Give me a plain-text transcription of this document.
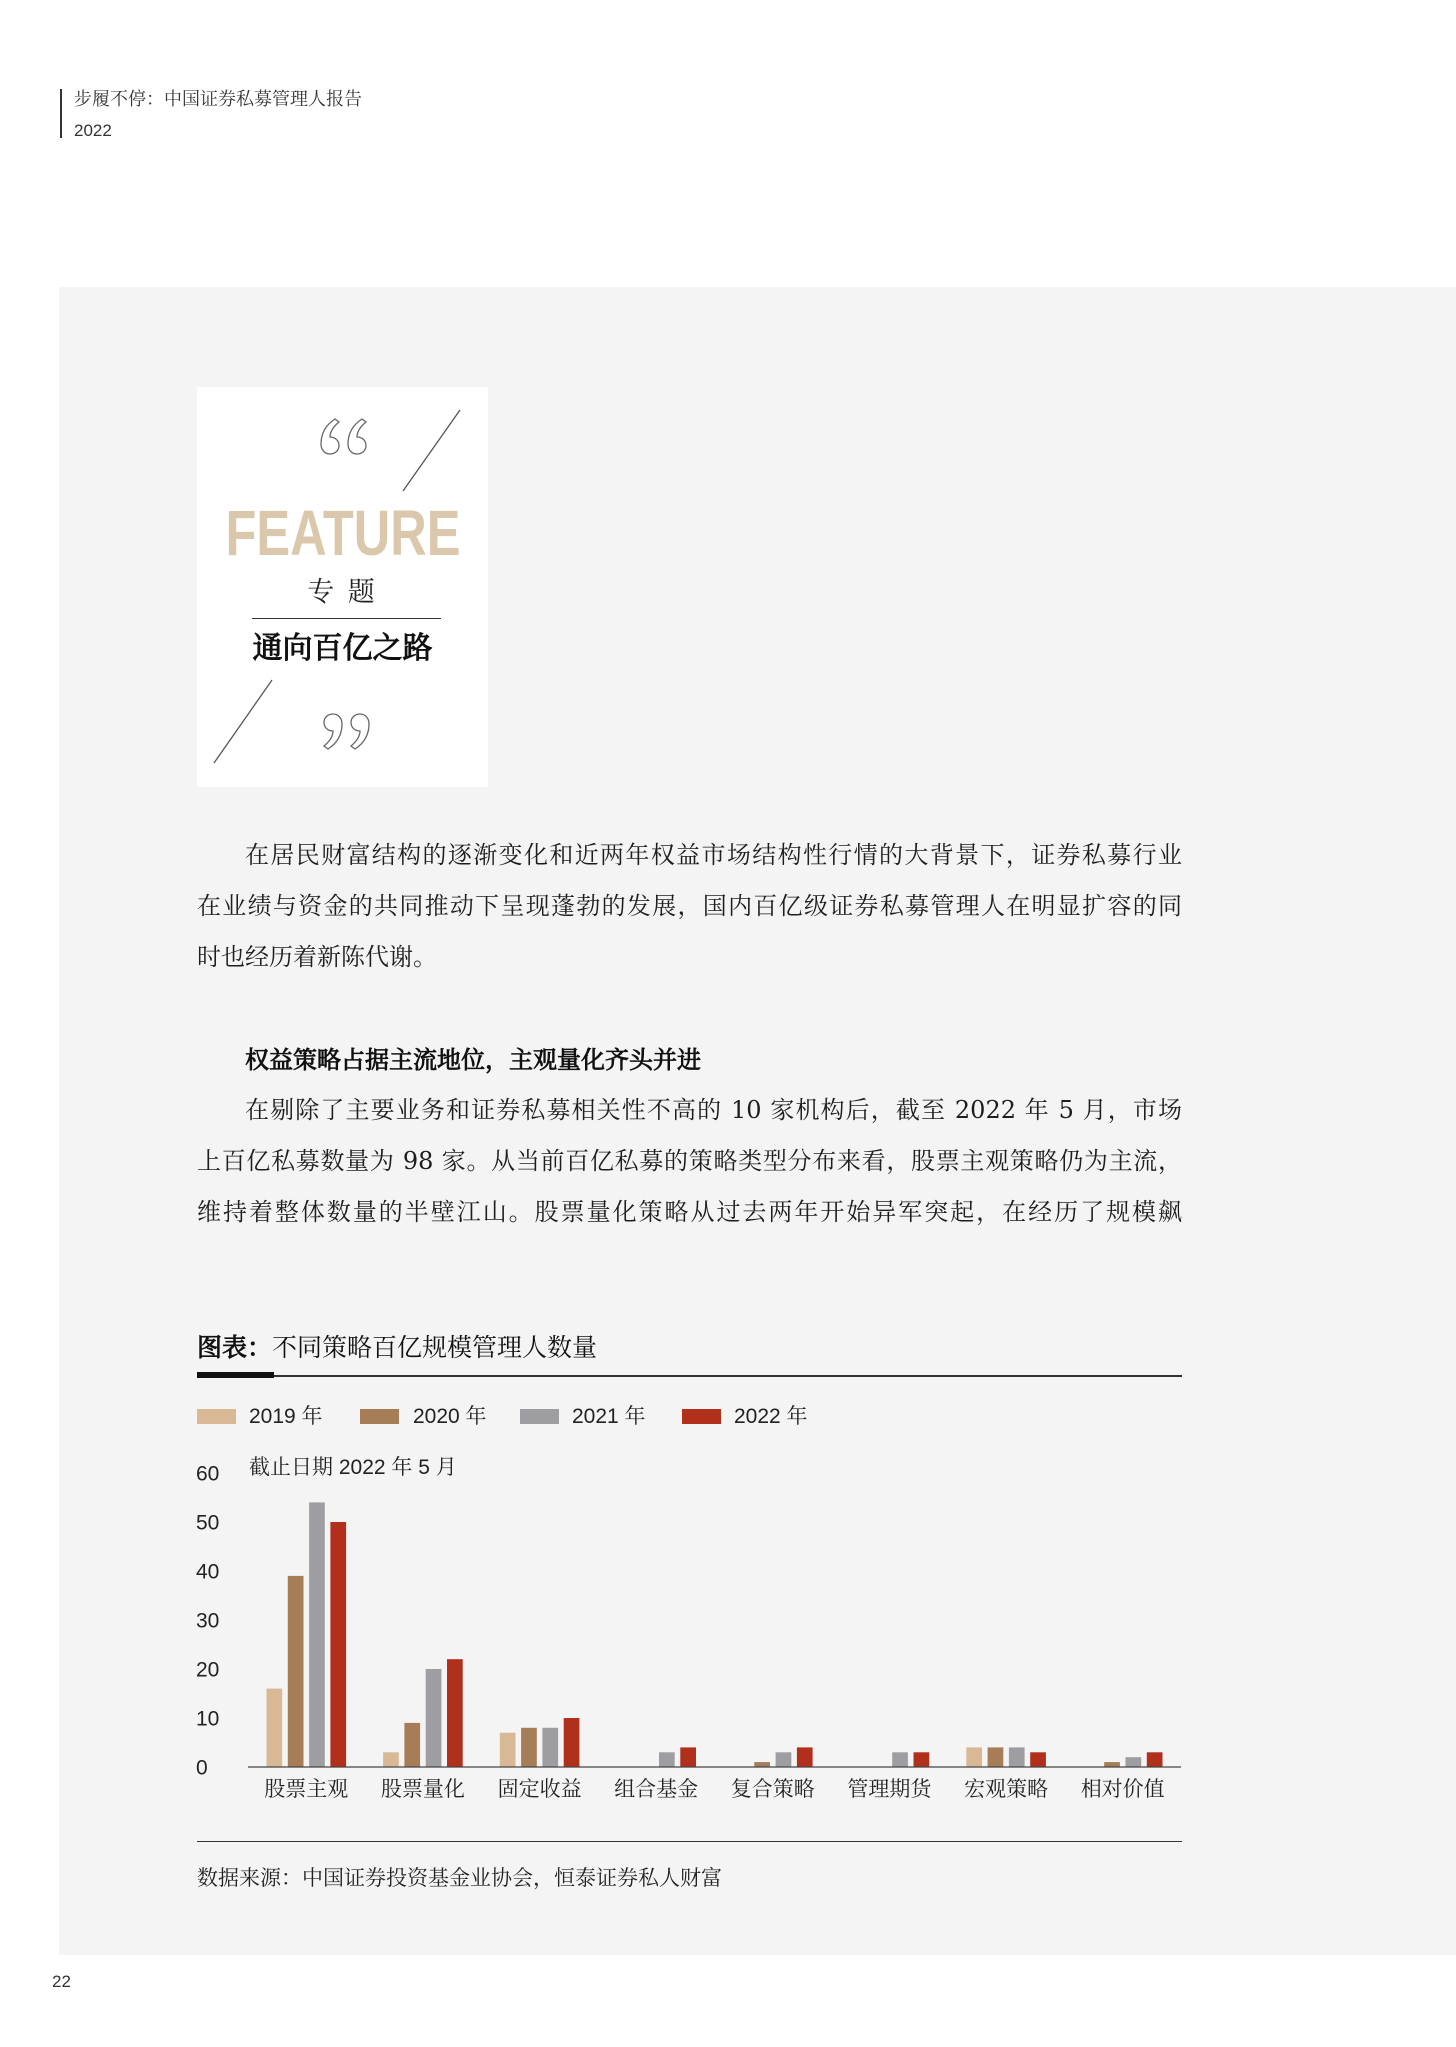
步履不停：中国证券私募管理人报告
2022
FEATURE
专 题
通向百亿之路
在居民财富结构的逐渐变化和近两年权益市场结构性行情的大背景下，证券私募行业
在业绩与资金的共同推动下呈现蓬勃的发展，国内百亿级证券私募管理人在明显扩容的同
时也经历着新陈代谢。
权益策略占据主流地位，主观量化齐头并进
在剔除了主要业务和证券私募相关性不高的 10 家机构后，截至 2022 年 5 月，市场
上百亿私募数量为 98 家。从当前百亿私募的策略类型分布来看，股票主观策略仍为主流，
维持着整体数量的半壁江山。股票量化策略从过去两年开始异军突起，在经历了规模飙
图表：不同策略百亿规模管理人数量
2019 年	2020 年	2021 年	2022 年
截止日期 2022 年 5 月
0
10
20
30
40
50
60
股票主观 股票量化 固定收益 组合基金 复合策略 管理期货 宏观策略 相对价值
数据来源：中国证券投资基金业协会，恒泰证券私人财富
22
